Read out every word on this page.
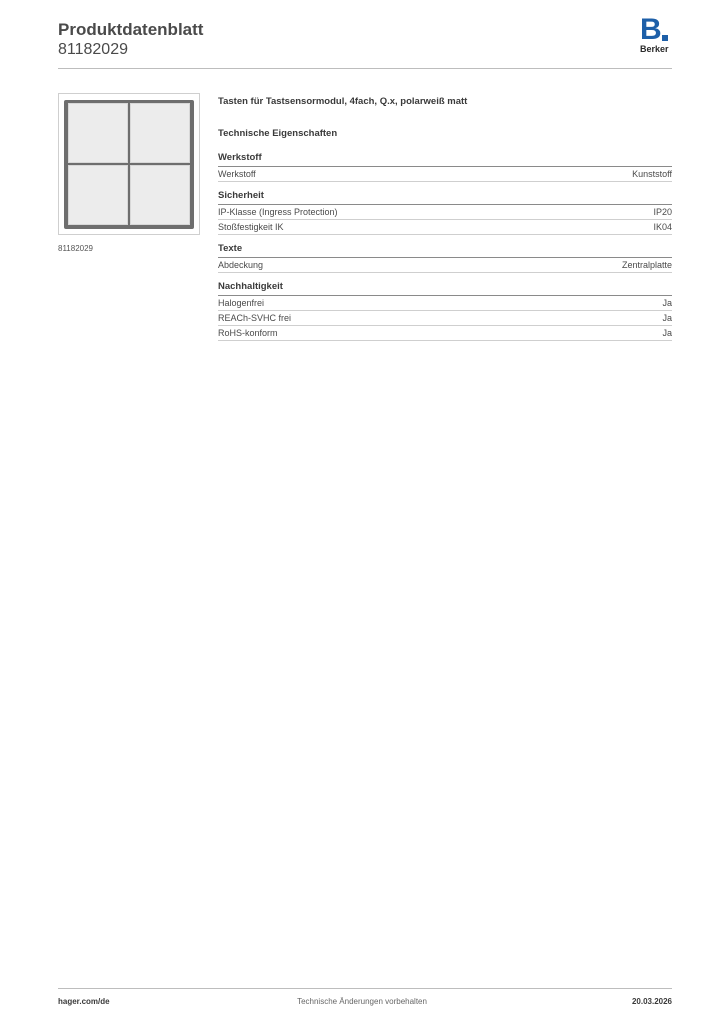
Produktdatenblatt
81182029
B
Berker
81182029
Tasten für Tastsensormodul, 4fach, Q.x, polarweiß matt
Technische Eigenschaften
Werkstoff
Werkstoff	Kunststoff
Sicherheit
IP-Klasse (Ingress Protection)	IP20
Stoßfestigkeit IK	IK04
Texte
Abdeckung	Zentralplatte
Nachhaltigkeit
Halogenfrei	Ja
REACh-SVHC frei	Ja
RoHS-konform	Ja
hager.com/de	Technische Änderungen vorbehalten	20.03.2026
